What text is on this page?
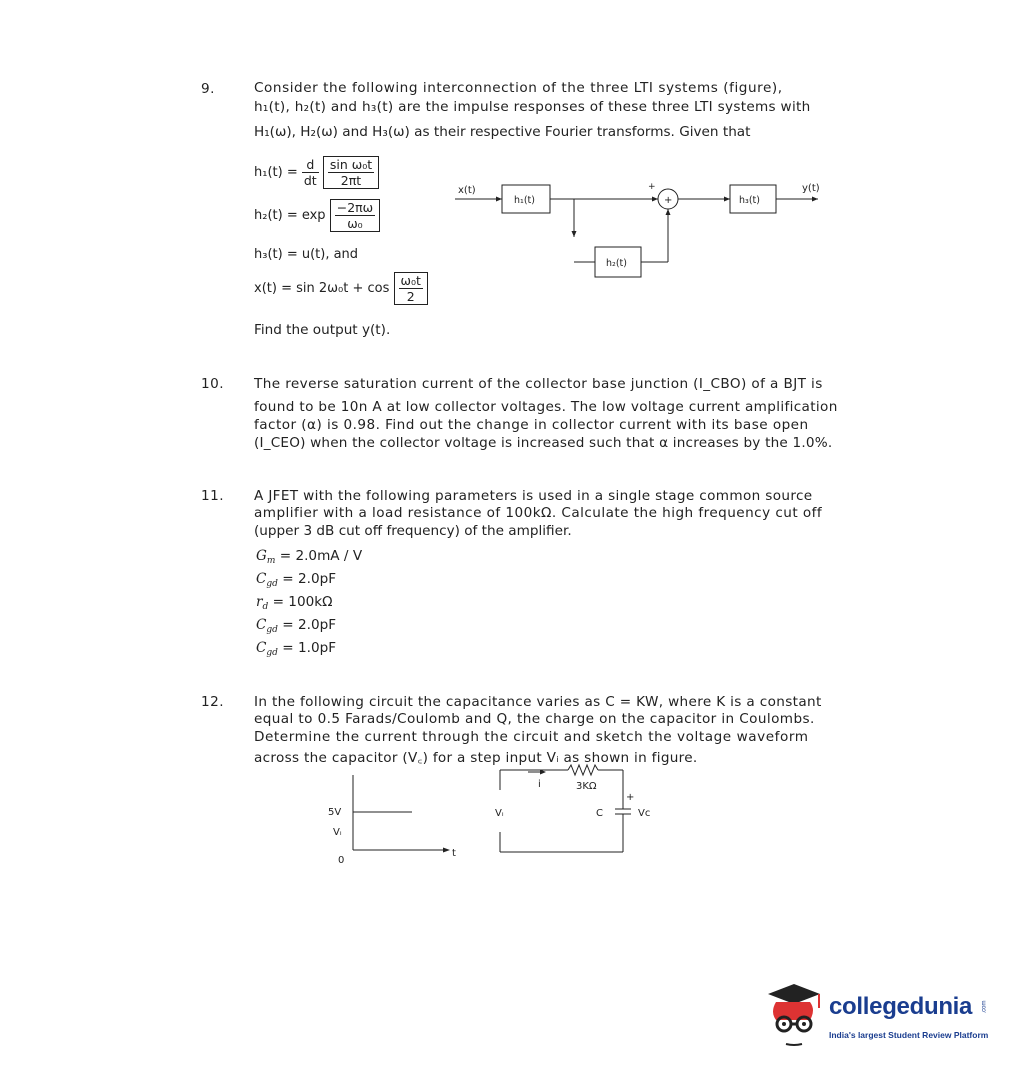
9.	Consider the following interconnection of the three LTI systems (figure),
h₁(t), h₂(t) and h₃(t) are the impulse responses of these three LTI systems with
H₁(ω), H₂(ω) and H₃(ω) as their respective Fourier transforms. Given that
$h_1(t) = \frac{d}{dt}$
$\frac{\text{sin ω₀t}}{2\pi t}$
$h_2(t) = \exp \frac{-2\pi\omega}{\text{ω₀}}$
h₃(t) = u(t), and
$x(t) = \sin 2\omega_0t + \cos \frac{\text{ω₀t}}{2}$
Find the output y(t).
x(t)
h₁(t)	+
+
h₃(t)
y(t)
h₂(t)
10. The reverse saturation current of the collector base junction (I_CBO) of a BJT is
found to be 10n A at low collector voltages. The low voltage current amplification
factor (α) is 0.98. Find out the change in collector current with its base open
(I_CEO) when the collector voltage is increased such that α increases by the 1.0%.
11. A JFET with the following parameters is used in a single stage common source
amplifier with a load resistance of 100kΩ. Calculate the high frequency cut off
(upper 3 dB cut off frequency) of the amplifier.
$G_m = 2.0mA / V$
$C_{gd} = 2.0pF$
$r_d = 100k\Omega$
$C_{gd} = 2.0pF$
$C_{gd} = 1.0pF$
12. In the following circuit the capacitance varies as C = KW, where K is a constant
equal to 0.5 Farads/Coulomb and Q, the charge on the capacitor in Coulombs.
Determine the current through the circuit and sketch the voltage waveform
across the capacitor (V꜀) for a step input Vᵢ as shown in figure.
5V
Vᵢ
0
t
Vᵢ
3KΩ
i
C	Vc
+
collegedunia
India's largest Student Review Platform
.com
